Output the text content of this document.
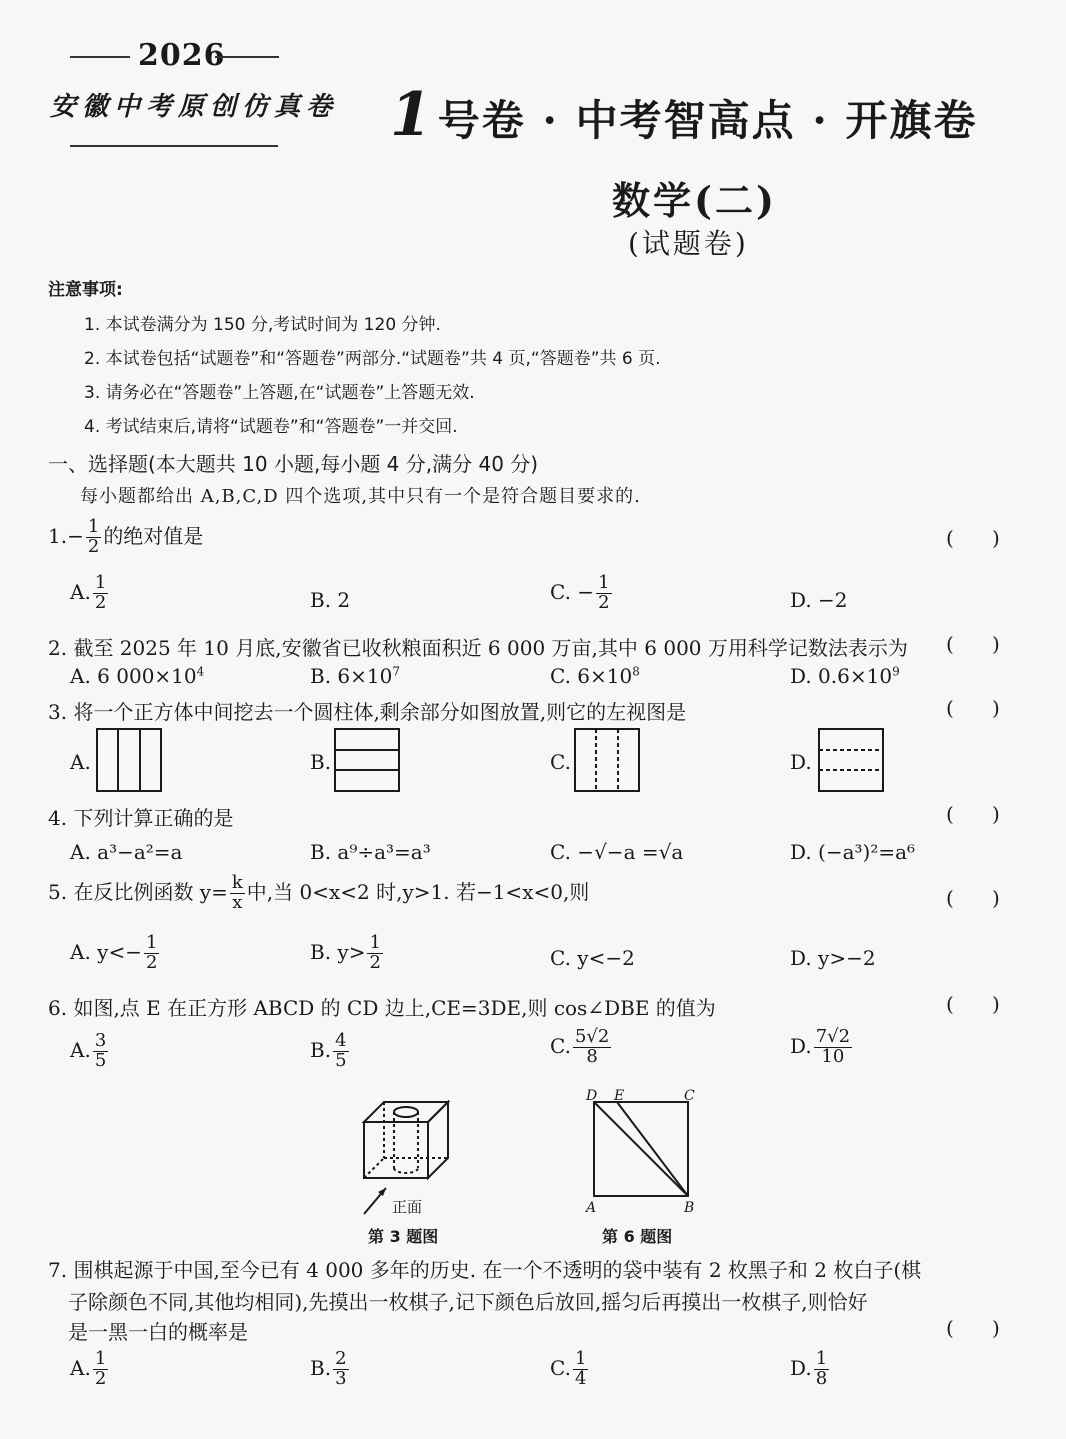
2026
安徽中考原创仿真卷 1号卷 · 中考智高点 · 开旗卷
数学(二)
(试题卷)
注意事项:
1. 本试卷满分为 150 分,考试时间为 120 分钟.
2. 本试卷包括“试题卷”和“答题卷”两部分.“试题卷”共 4 页,“答题卷”共 6 页.
3. 请务必在“答题卷”上答题,在“试题卷”上答题无效.
4. 考试结束后,请将“试题卷”和“答题卷”一并交回.
一、选择题(本大题共 10 小题,每小题 4 分,满分 40 分)
每小题都给出 A,B,C,D 四个选项,其中只有一个是符合题目要求的.
$1.- \frac{1}{2}$ 的绝对值是	(      )
A. $\frac{1}{2}$	B. 2	C. − $\frac{1}{2}$	D. −2
2. 截至 2025 年 10 月底,安徽省已收秋粮面积近 6 000 万亩,其中 6 000 万用科学记数法表示为 (      )
A. 6 $000\times 10^4$	B. $6\times 10^7$	C. $6\times 10^8$	D. $0.6\times 10^9$
3. 将一个正方体中间挖去一个圆柱体,剩余部分如图放置,则它的左视图是	(      )
A.	B.	C.	D.
4. 下列计算正确的是	(      )
A. a³−a²=a	B. a⁹÷a³=a³	C. −√−a =√a	D. (−a³)²=a⁶
5. 在反比例函数 $y= \frac{k}{x}$ 中,当 0<x<2 时,y>1. 若−1<x<0,则	(      )
A. $y<- \frac{1}{2}$	B. $y> \frac{1}{2}$	C. y<−2	D. y>−2
6. 如图,点 E 在正方形 ABCD 的 CD 边上,CE=3DE,则 cos∠DBE 的值为	(      )
A. $\frac{3}{5}$	B. $\frac{4}{5}$	C. $\frac{5√2}{8}$	D. $\frac{7√2}{10}$
正面
第 3 题图
D E	C
A	B
第 6 题图
7. 围棋起源于中国,至今已有 4 000 多年的历史. 在一个不透明的袋中装有 2 枚黑子和 2 枚白子(棋
子除颜色不同,其他均相同),先摸出一枚棋子,记下颜色后放回,摇匀后再摸出一枚棋子,则恰好
是一黑一白的概率是	(      )
A. $\frac{1}{2}$	B. $\frac{2}{3}$	C. $\frac{1}{4}$	D. $\frac{1}{8}$
